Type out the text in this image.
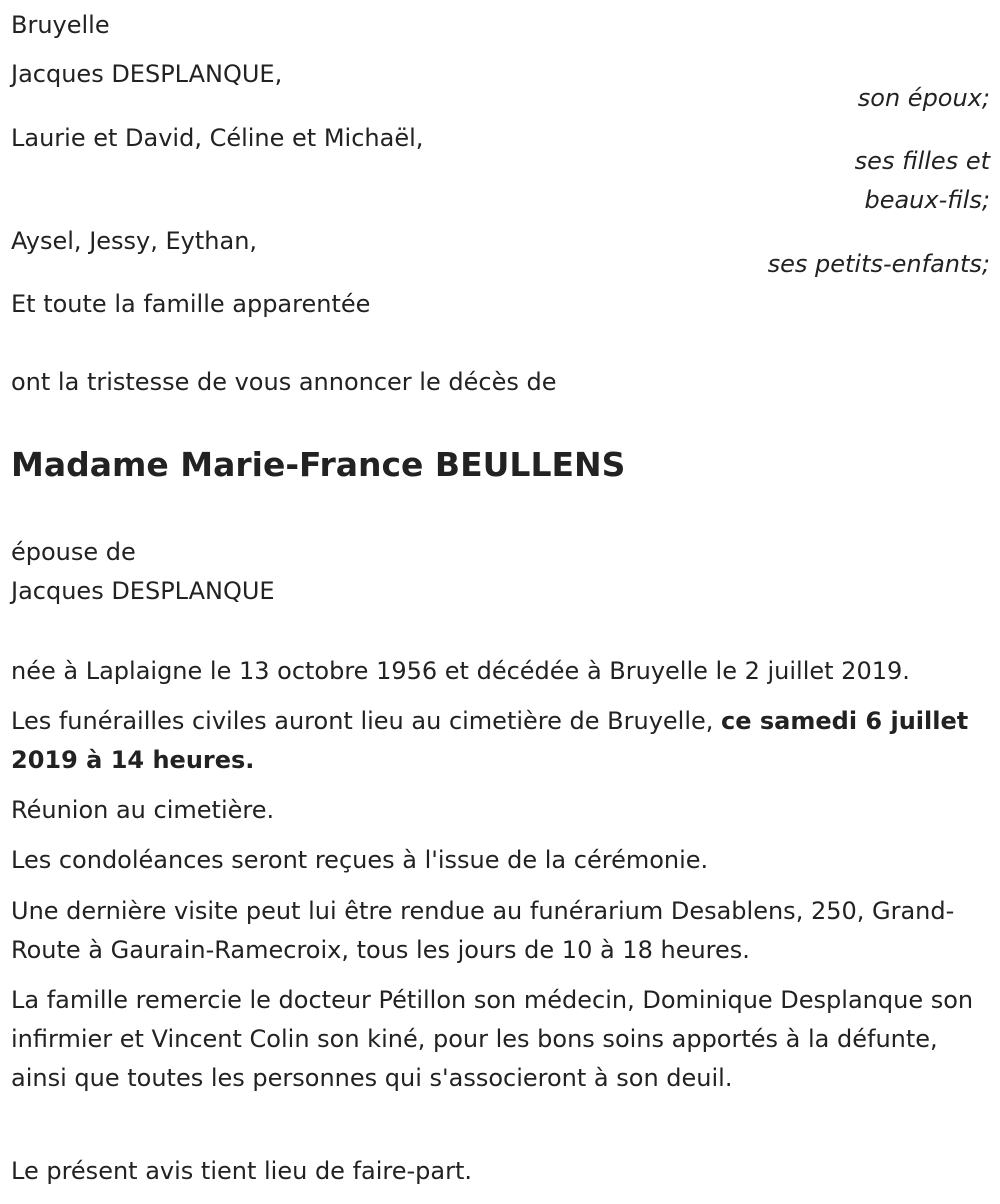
Bruyelle

Jacques DESPLANQUE,

son époux;

Laurie et David, Céline et Michaël,

ses filles et

beaux-fils;

Aysel, Jessy, Eythan,

ses petits-enfants;

Et toute la famille apparentée

ont la tristesse de vous annoncer le décès de

Madame Marie-France BEULLENS

épouse de

Jacques DESPLANQUE

née à Laplaigne le 13 octobre 1956 et décédée à Bruyelle le 2 juillet 2019.

Les funérailles civiles auront lieu au cimetière de Bruyelle, ce samedi 6 juillet 2019 à 14 heures.

Réunion au cimetière.

Les condoléances seront reçues à l'issue de la cérémonie.

Une dernière visite peut lui être rendue au funérarium Desablens, 250, Grand-Route à Gaurain-Ramecroix, tous les jours de 10 à 18 heures.

La famille remercie le docteur Pétillon son médecin, Dominique Desplanque son infirmier et Vincent Colin son kiné, pour les bons soins apportés à la défunte, ainsi que toutes les personnes qui s'associeront à son deuil.

Le présent avis tient lieu de faire-part.
